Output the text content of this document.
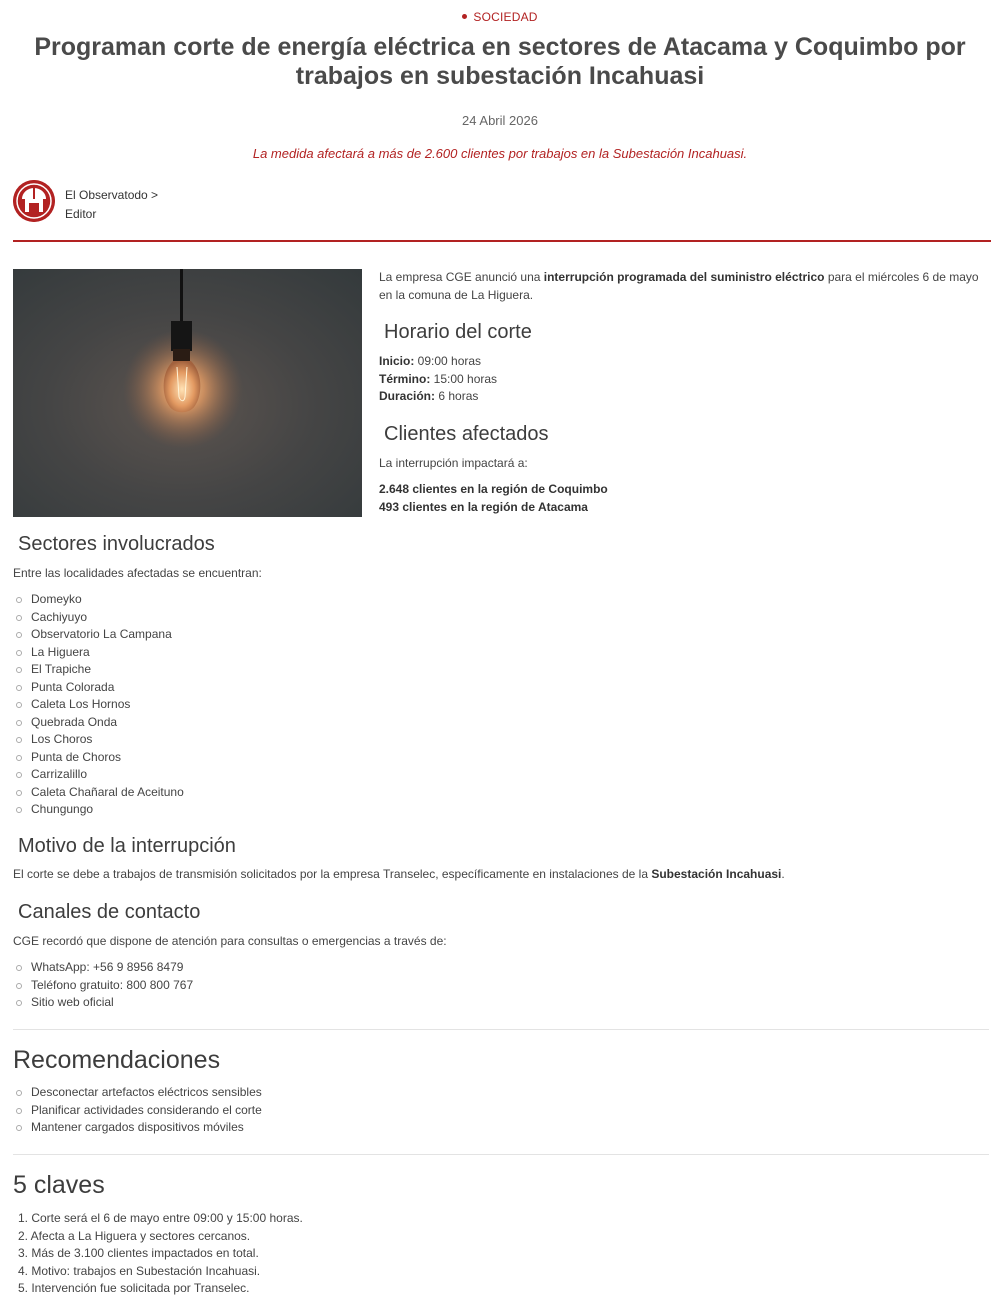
SOCIEDAD
Programan corte de energía eléctrica en sectores de Atacama y Coquimbo por trabajos en subestación Incahuasi
24 Abril 2026
La medida afectará a más de 2.600 clientes por trabajos en la Subestación Incahuasi.
El Observatodo >
Editor
La empresa CGE anunció una interrupción programada del suministro eléctrico para el miércoles 6 de mayo en la comuna de La Higuera.
Horario del corte
Inicio: 09:00 horas
Término: 15:00 horas
Duración: 6 horas
Clientes afectados
La interrupción impactará a:
2.648 clientes en la región de Coquimbo
493 clientes en la región de Atacama
Sectores involucrados
Entre las localidades afectadas se encuentran:
Domeyko
Cachiyuyo
Observatorio La Campana
La Higuera
El Trapiche
Punta Colorada
Caleta Los Hornos
Quebrada Onda
Los Choros
Punta de Choros
Carrizalillo
Caleta Chañaral de Aceituno
Chungungo
Motivo de la interrupción
El corte se debe a trabajos de transmisión solicitados por la empresa Transelec, específicamente en instalaciones de la Subestación Incahuasi.
Canales de contacto
CGE recordó que dispone de atención para consultas o emergencias a través de:
WhatsApp: +56 9 8956 8479
Teléfono gratuito: 800 800 767
Sitio web oficial
Recomendaciones
Desconectar artefactos eléctricos sensibles
Planificar actividades considerando el corte
Mantener cargados dispositivos móviles
5 claves
1. Corte será el 6 de mayo entre 09:00 y 15:00 horas.
2. Afecta a La Higuera y sectores cercanos.
3. Más de 3.100 clientes impactados en total.
4. Motivo: trabajos en Subestación Incahuasi.
5. Intervención fue solicitada por Transelec.
